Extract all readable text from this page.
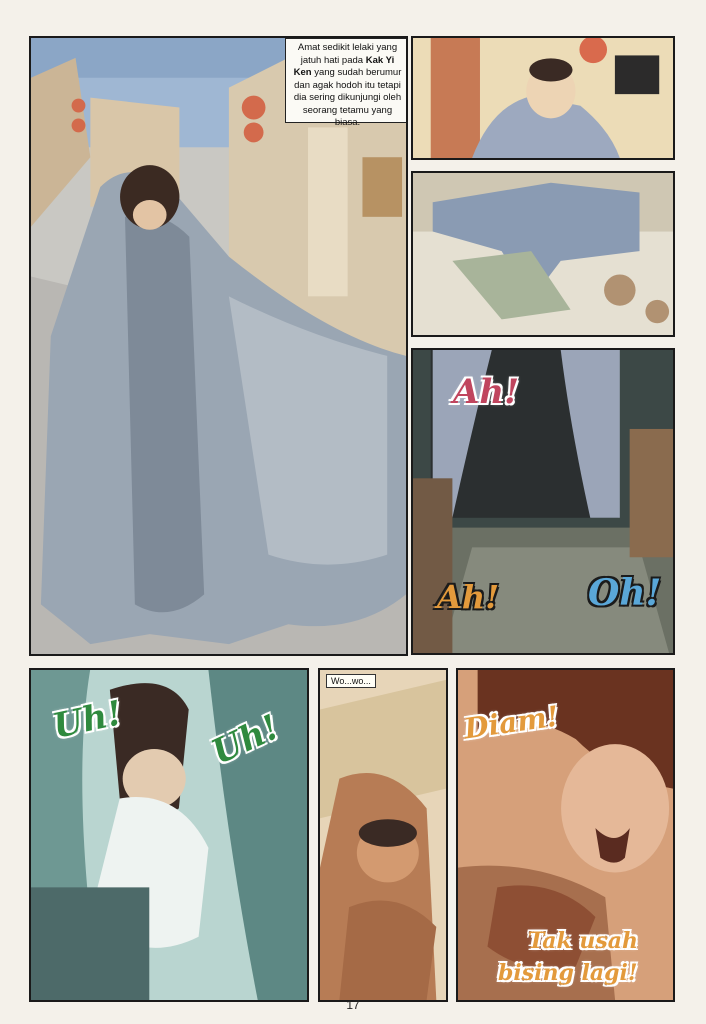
Amat sedikit lelaki yang
jatuh hati pada Kak Yi
Ken yang sudah berumur
dan agak hodoh itu tetapi
dia sering dikunjungi oleh
seorang tetamu yang biasa.
Ah!
Ah! Oh!
Uh! Uh!
Wo...wo...
Diam!
Tak usah
bising lagi!
17
